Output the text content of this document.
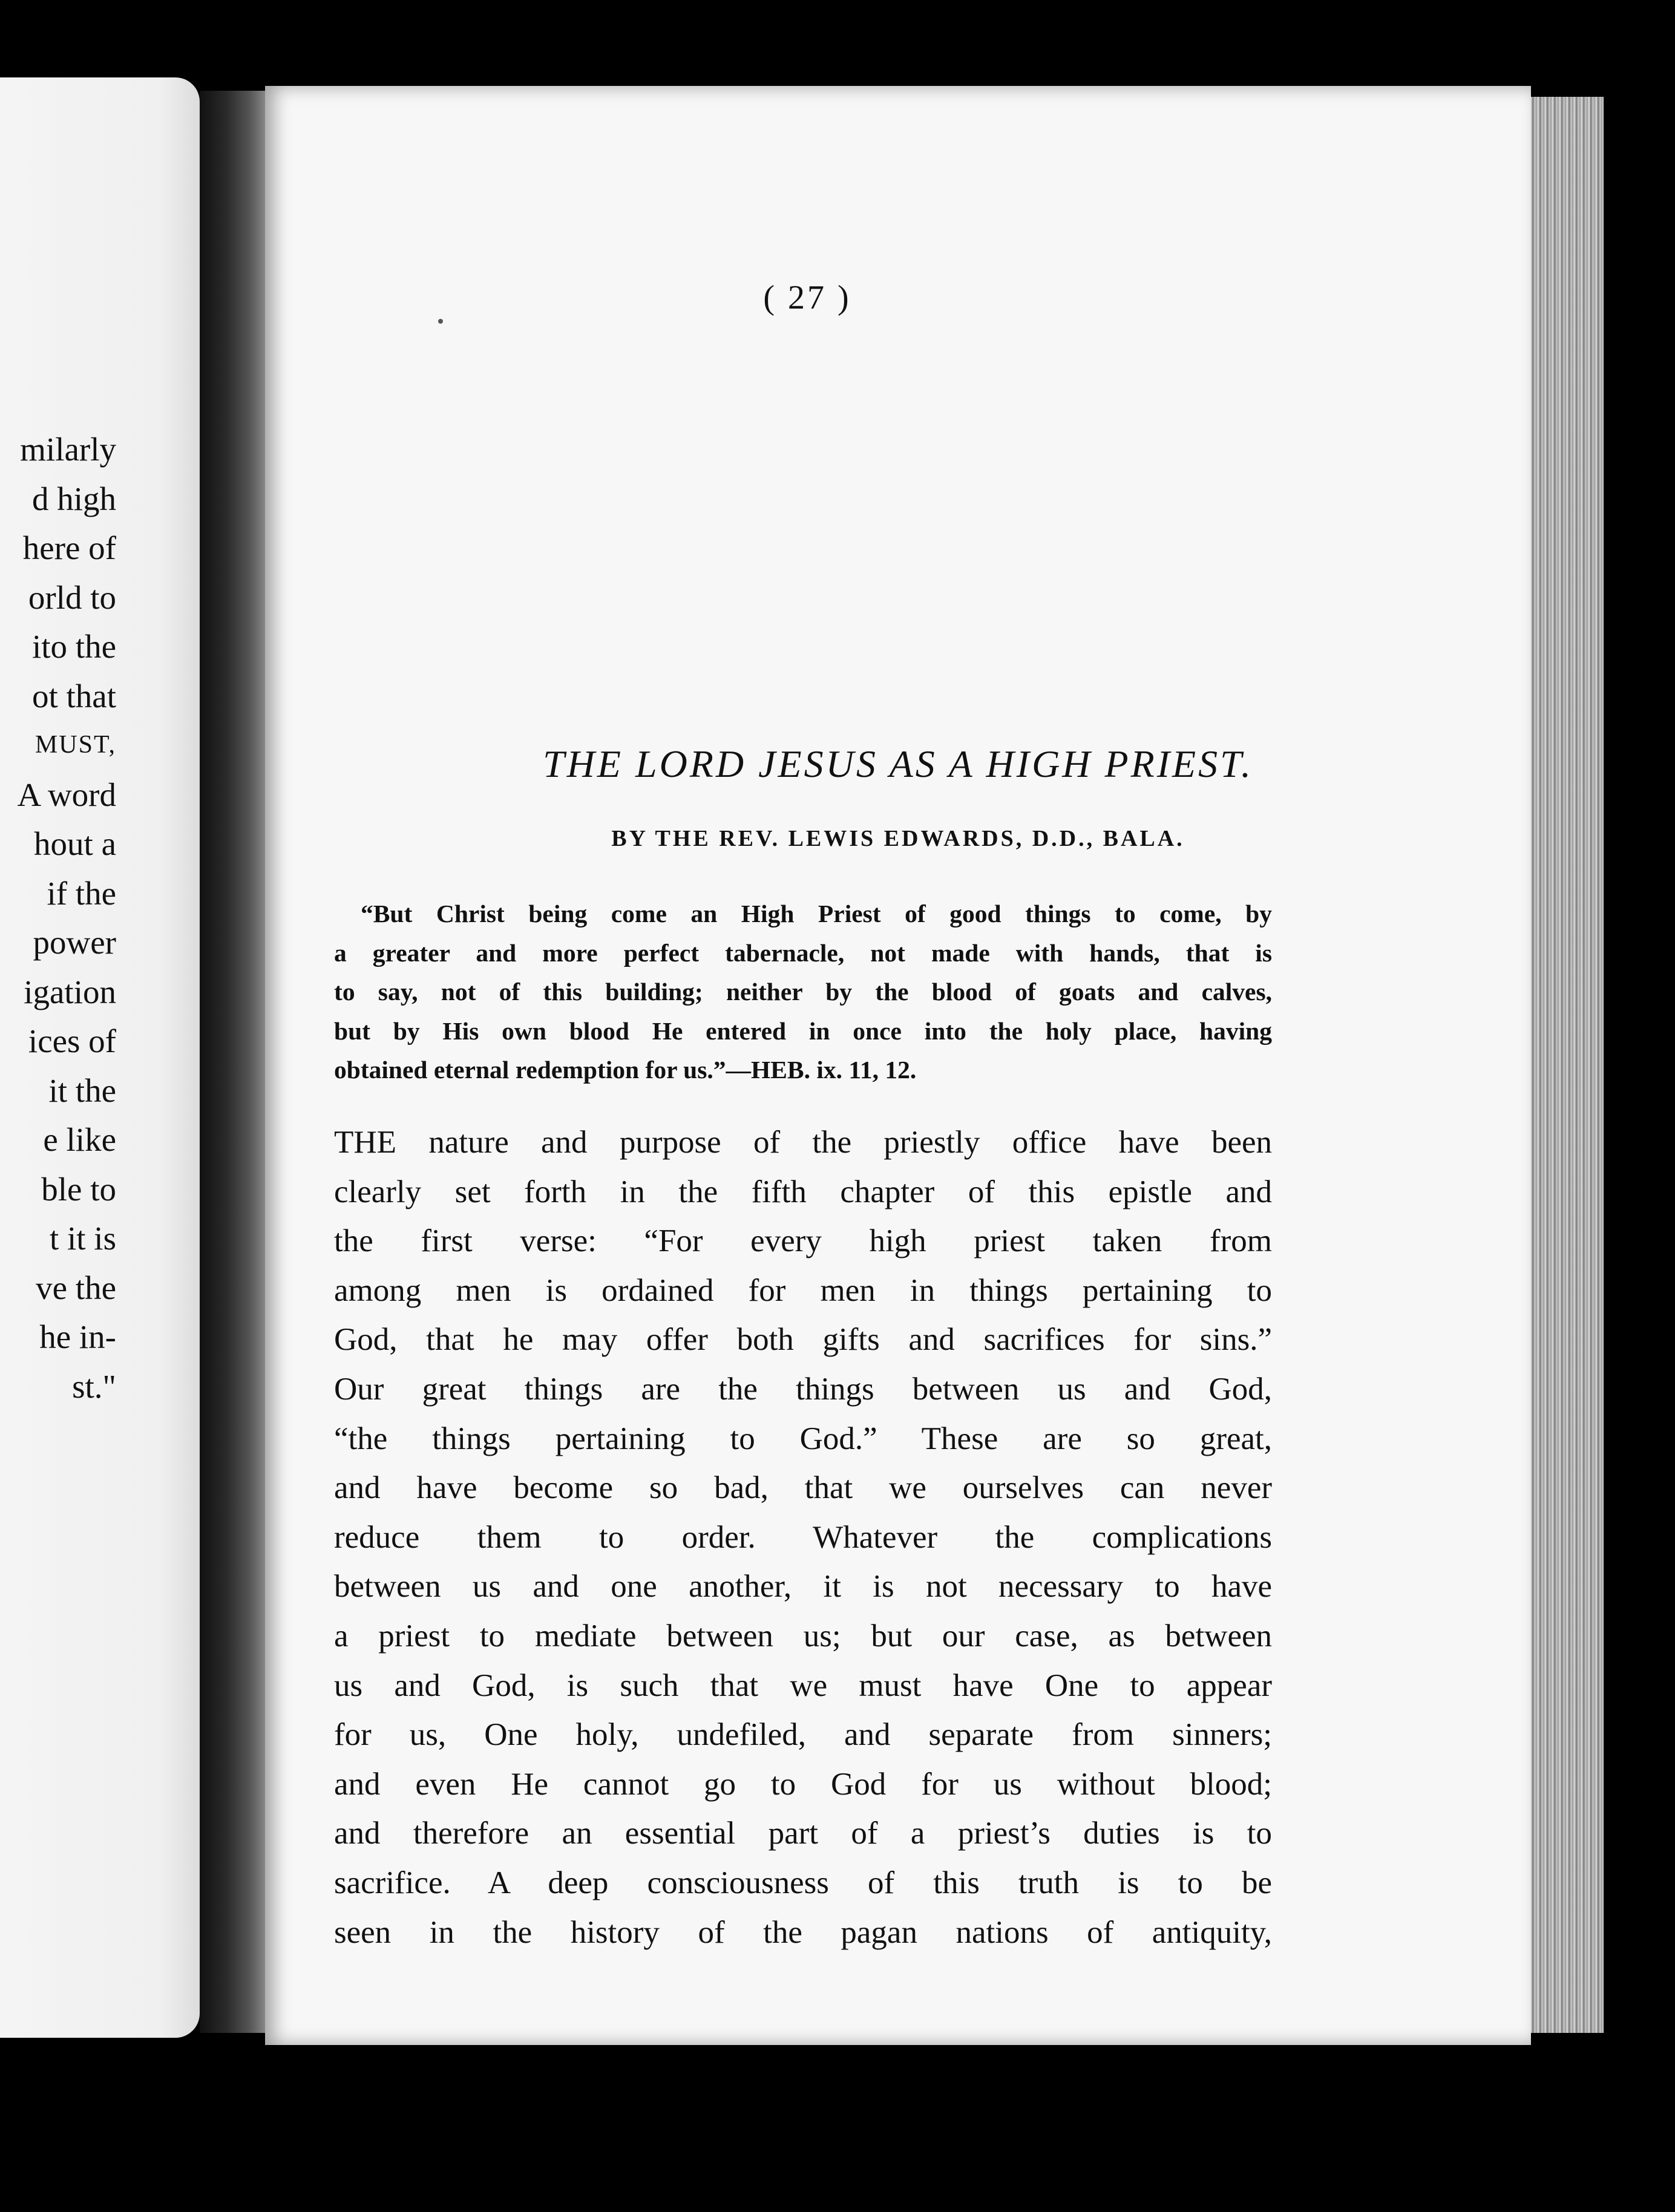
milarly
d high
here of
orld to
ito the
ot that
MUST,
A word
hout a
if the
power
igation
ices of
it the
e like
ble to
t it is
ve the
he in-
st."
( 27 )
THE LORD JESUS AS A HIGH PRIEST.
BY THE REV. LEWIS EDWARDS, D.D., BALA.
“But Christ being come an High Priest of good things to come, by
a greater and more perfect tabernacle, not made with hands, that is
to say, not of this building; neither by the blood of goats and calves,
but by His own blood He entered in once into the holy place, having
obtained eternal redemption for us.”—HEB. ix. 11, 12.
THE nature and purpose of the priestly office have been
clearly set forth in the fifth chapter of this epistle and
the first verse: “For every high priest taken from
among men is ordained for men in things pertaining to
God, that he may offer both gifts and sacrifices for sins.”
Our great things are the things between us and God,
“the things pertaining to God.” These are so great,
and have become so bad, that we ourselves can never
reduce them to order. Whatever the complications
between us and one another, it is not necessary to have
a priest to mediate between us; but our case, as between
us and God, is such that we must have One to appear
for us, One holy, undefiled, and separate from sinners;
and even He cannot go to God for us without blood;
and therefore an essential part of a priest’s duties is to
sacrifice. A deep consciousness of this truth is to be
seen in the history of the pagan nations of antiquity,
